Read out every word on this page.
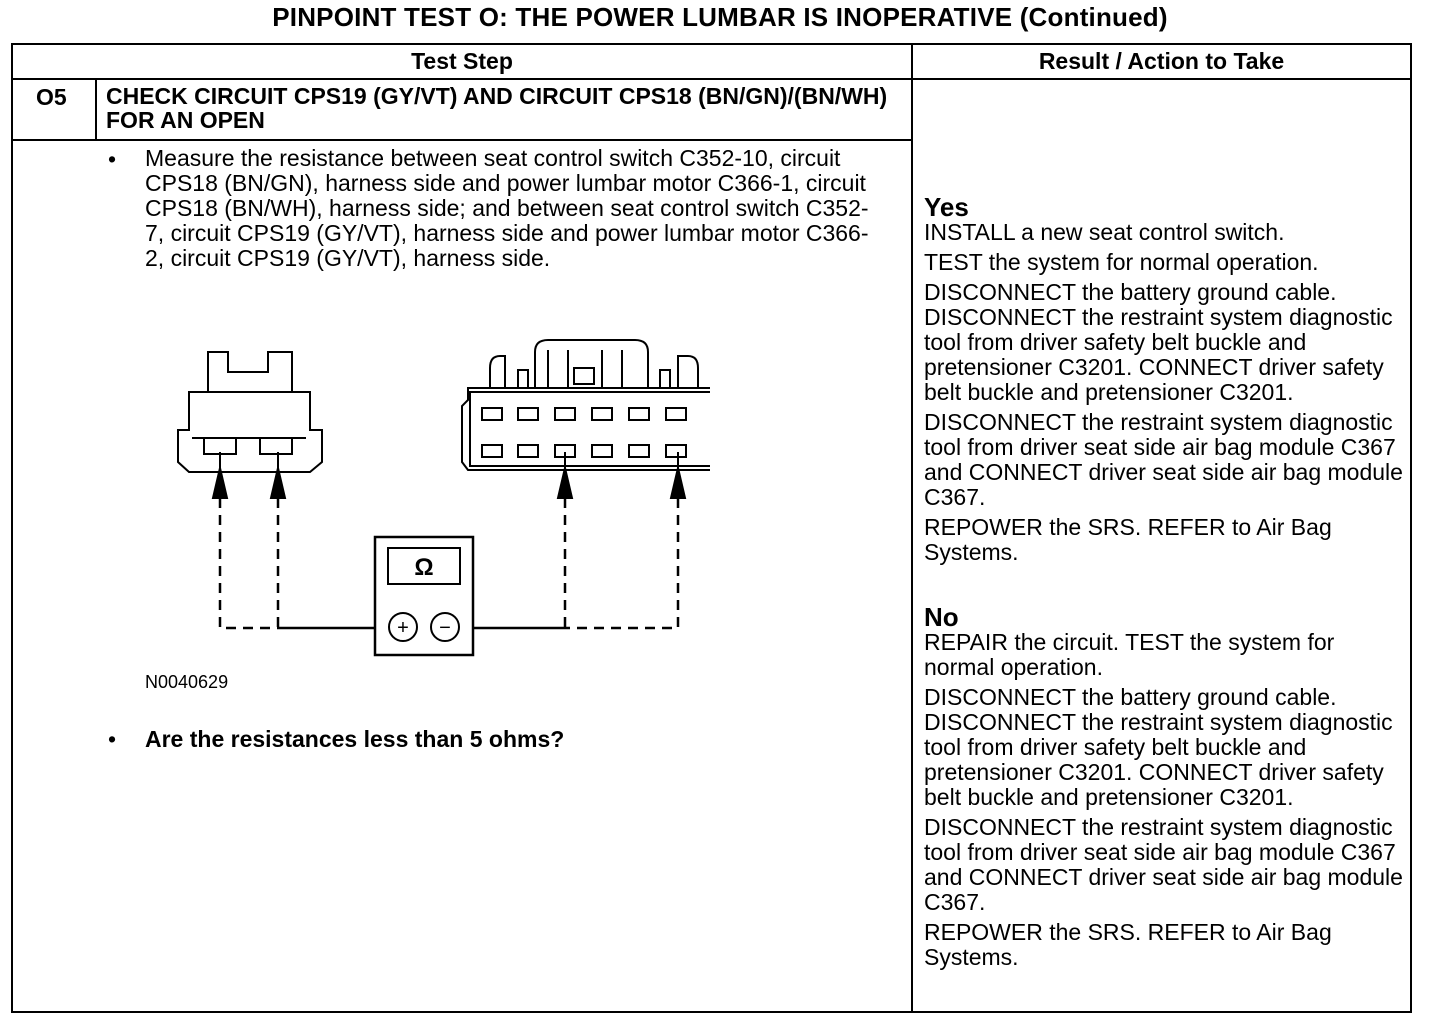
PINPOINT TEST O: THE POWER LUMBAR IS INOPERATIVE (Continued)
Test Step	Result / Action to Take
O5 CHECK CIRCUIT CPS19 (GY/VT) AND CIRCUIT CPS18 (BN/GN)/(BN/WH) FOR AN OPEN
• Measure the resistance between seat control switch C352-10, circuit CPS18 (BN/GN), harness side and power lumbar motor C366-1, circuit CPS18 (BN/WH), harness side; and between seat control switch C352-7, circuit CPS19 (GY/VT), harness side and power lumbar motor C366-2, circuit CPS19 (GY/VT), harness side.
Ω
+ −
N0040629
• Are the resistances less than 5 ohms?
Yes

INSTALL a new seat control switch.

TEST the system for normal operation.

DISCONNECT the battery ground cable. DISCONNECT the restraint system diagnostic tool from driver safety belt buckle and pretensioner C3201. CONNECT driver safety belt buckle and pretensioner C3201.

DISCONNECT the restraint system diagnostic tool from driver seat side air bag module C367 and CONNECT driver seat side air bag module C367.

REPOWER the SRS. REFER to Air Bag Systems.

No

REPAIR the circuit. TEST the system for normal operation.

DISCONNECT the battery ground cable. DISCONNECT the restraint system diagnostic tool from driver safety belt buckle and pretensioner C3201. CONNECT driver safety belt buckle and pretensioner C3201.

DISCONNECT the restraint system diagnostic tool from driver seat side air bag module C367 and CONNECT driver seat side air bag module C367.

REPOWER the SRS. REFER to Air Bag Systems.
